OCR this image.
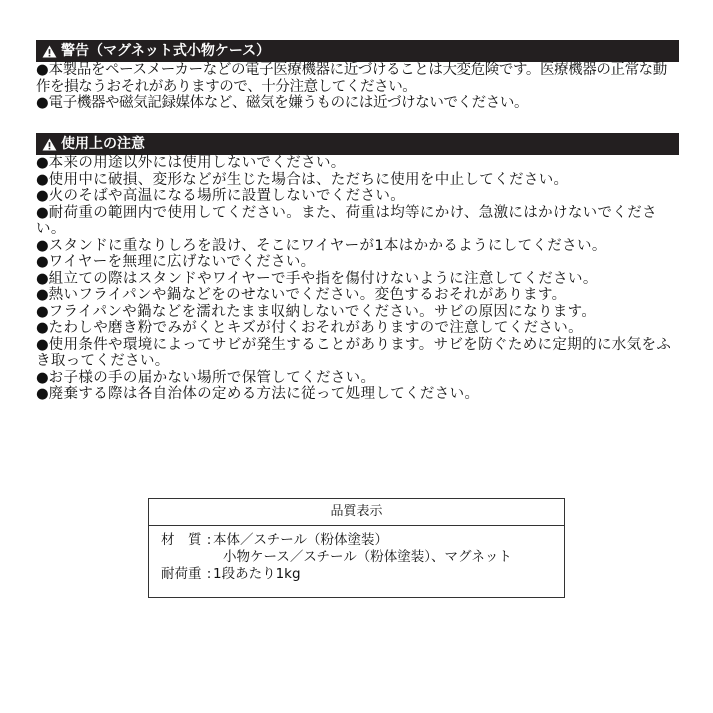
警告（マグネット式小物ケース）
● 本製品をペースメーカーなどの電子医療機器に近づけることは大変危険です。医療機器の正常な動作を損なうおそれがありますので、十分注意してください。
● 電子機器や磁気記録媒体など、磁気を嫌うものには近づけないでください。
使用上の注意
● 本来の用途以外には使用しないでください。
● 使用中に破損、変形などが生じた場合は、ただちに使用を中止してください。
● 火のそばや高温になる場所に設置しないでください。
● 耐荷重の範囲内で使用してください。また、荷重は均等にかけ、急激にはかけないでください。
● スタンドに重なりしろを設け、そこにワイヤーが1本はかかるようにしてください。
● ワイヤーを無理に広げないでください。
● 組立ての際はスタンドやワイヤーで手や指を傷付けないように注意してください。
● 熱いフライパンや鍋などをのせないでください。変色するおそれがあります。
● フライパンや鍋などを濡れたまま収納しないでください。サビの原因になります。
● たわしや磨き粉でみがくとキズが付くおそれがありますので注意してください。
● 使用条件や環境によってサビが発生することがあります。サビを防ぐために定期的に水気をふき取ってください。
● お子様の手の届かない場所で保管してください。
● 廃棄する際は各自治体の定める方法に従って処理してください。
品質表示
材　質 : 本体／スチール（粉体塗装）
小物ケース／スチール（粉体塗装）、マグネット
耐荷重 : 1段あたり1kg
